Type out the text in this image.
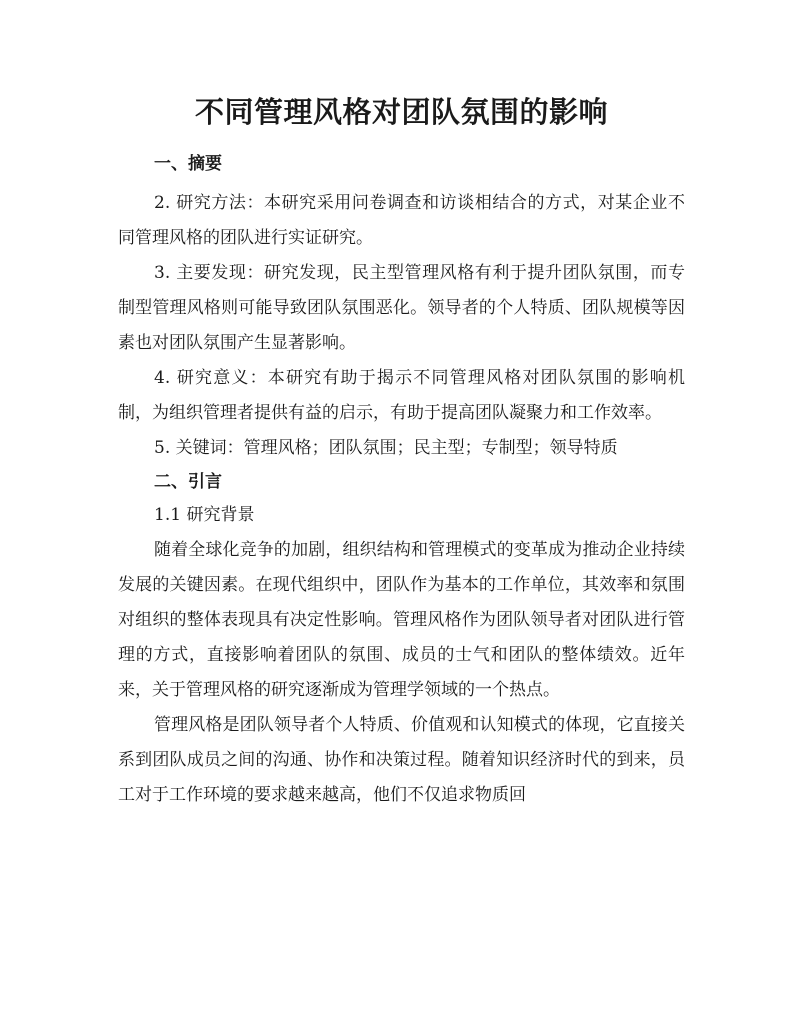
不同管理风格对团队氛围的影响

一、摘要

2. 研究方法：本研究采用问卷调查和访谈相结合的方式，对某企业不同管理风格的团队进行实证研究。

3. 主要发现：研究发现，民主型管理风格有利于提升团队氛围，而专制型管理风格则可能导致团队氛围恶化。领导者的个人特质、团队规模等因素也对团队氛围产生显著影响。

4. 研究意义：本研究有助于揭示不同管理风格对团队氛围的影响机制，为组织管理者提供有益的启示，有助于提高团队凝聚力和工作效率。

5. 关键词：管理风格；团队氛围；民主型；专制型；领导特质

二、引言

1.1 研究背景

随着全球化竞争的加剧，组织结构和管理模式的变革成为推动企业持续发展的关键因素。在现代组织中，团队作为基本的工作单位，其效率和氛围对组织的整体表现具有决定性影响。管理风格作为团队领导者对团队进行管理的方式，直接影响着团队的氛围、成员的士气和团队的整体绩效。近年来，关于管理风格的研究逐渐成为管理学领域的一个热点。

管理风格是团队领导者个人特质、价值观和认知模式的体现，它直接关系到团队成员之间的沟通、协作和决策过程。随着知识经济时代的到来，员工对于工作环境的要求越来越高，他们不仅追求物质回
